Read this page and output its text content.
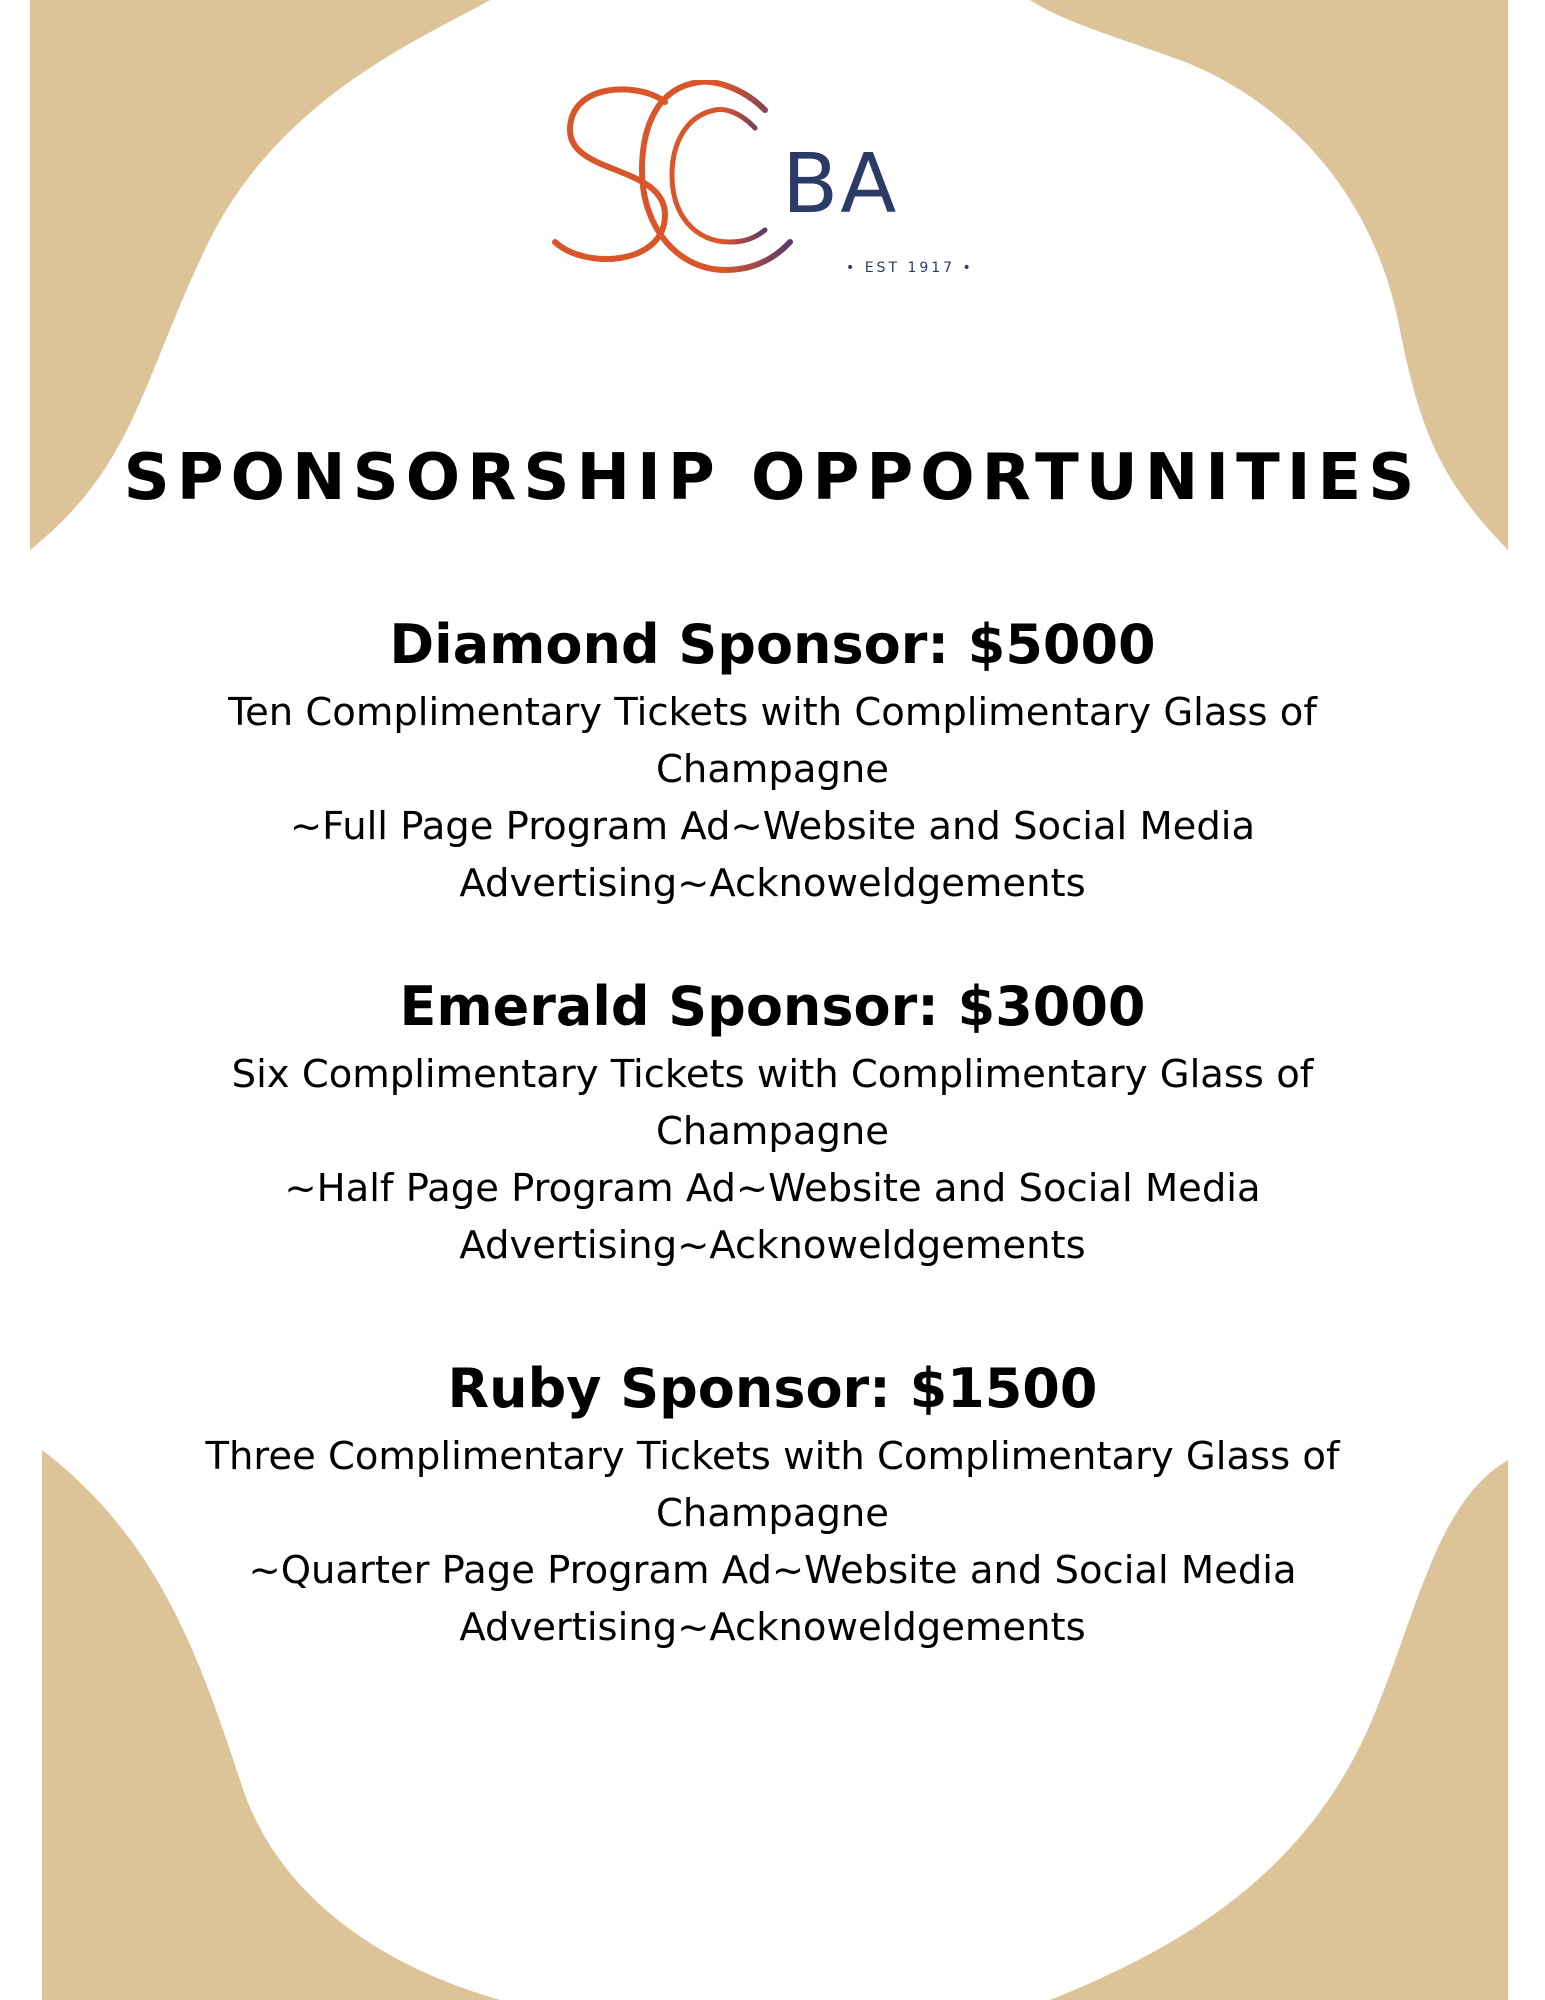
BA
• EST 1917 •
SPONSORSHIP OPPORTUNITIES
Diamond Sponsor: $5000

Ten Complimentary Tickets with Complimentary Glass of

Champagne

~Full Page Program Ad~Website and Social Media

Advertising~Acknoweldgements

Emerald Sponsor: $3000

Six Complimentary Tickets with Complimentary Glass of

Champagne

~Half Page Program Ad~Website and Social Media

Advertising~Acknoweldgements

Ruby Sponsor: $1500

Three Complimentary Tickets with Complimentary Glass of

Champagne

~Quarter Page Program Ad~Website and Social Media

Advertising~Acknoweldgements
